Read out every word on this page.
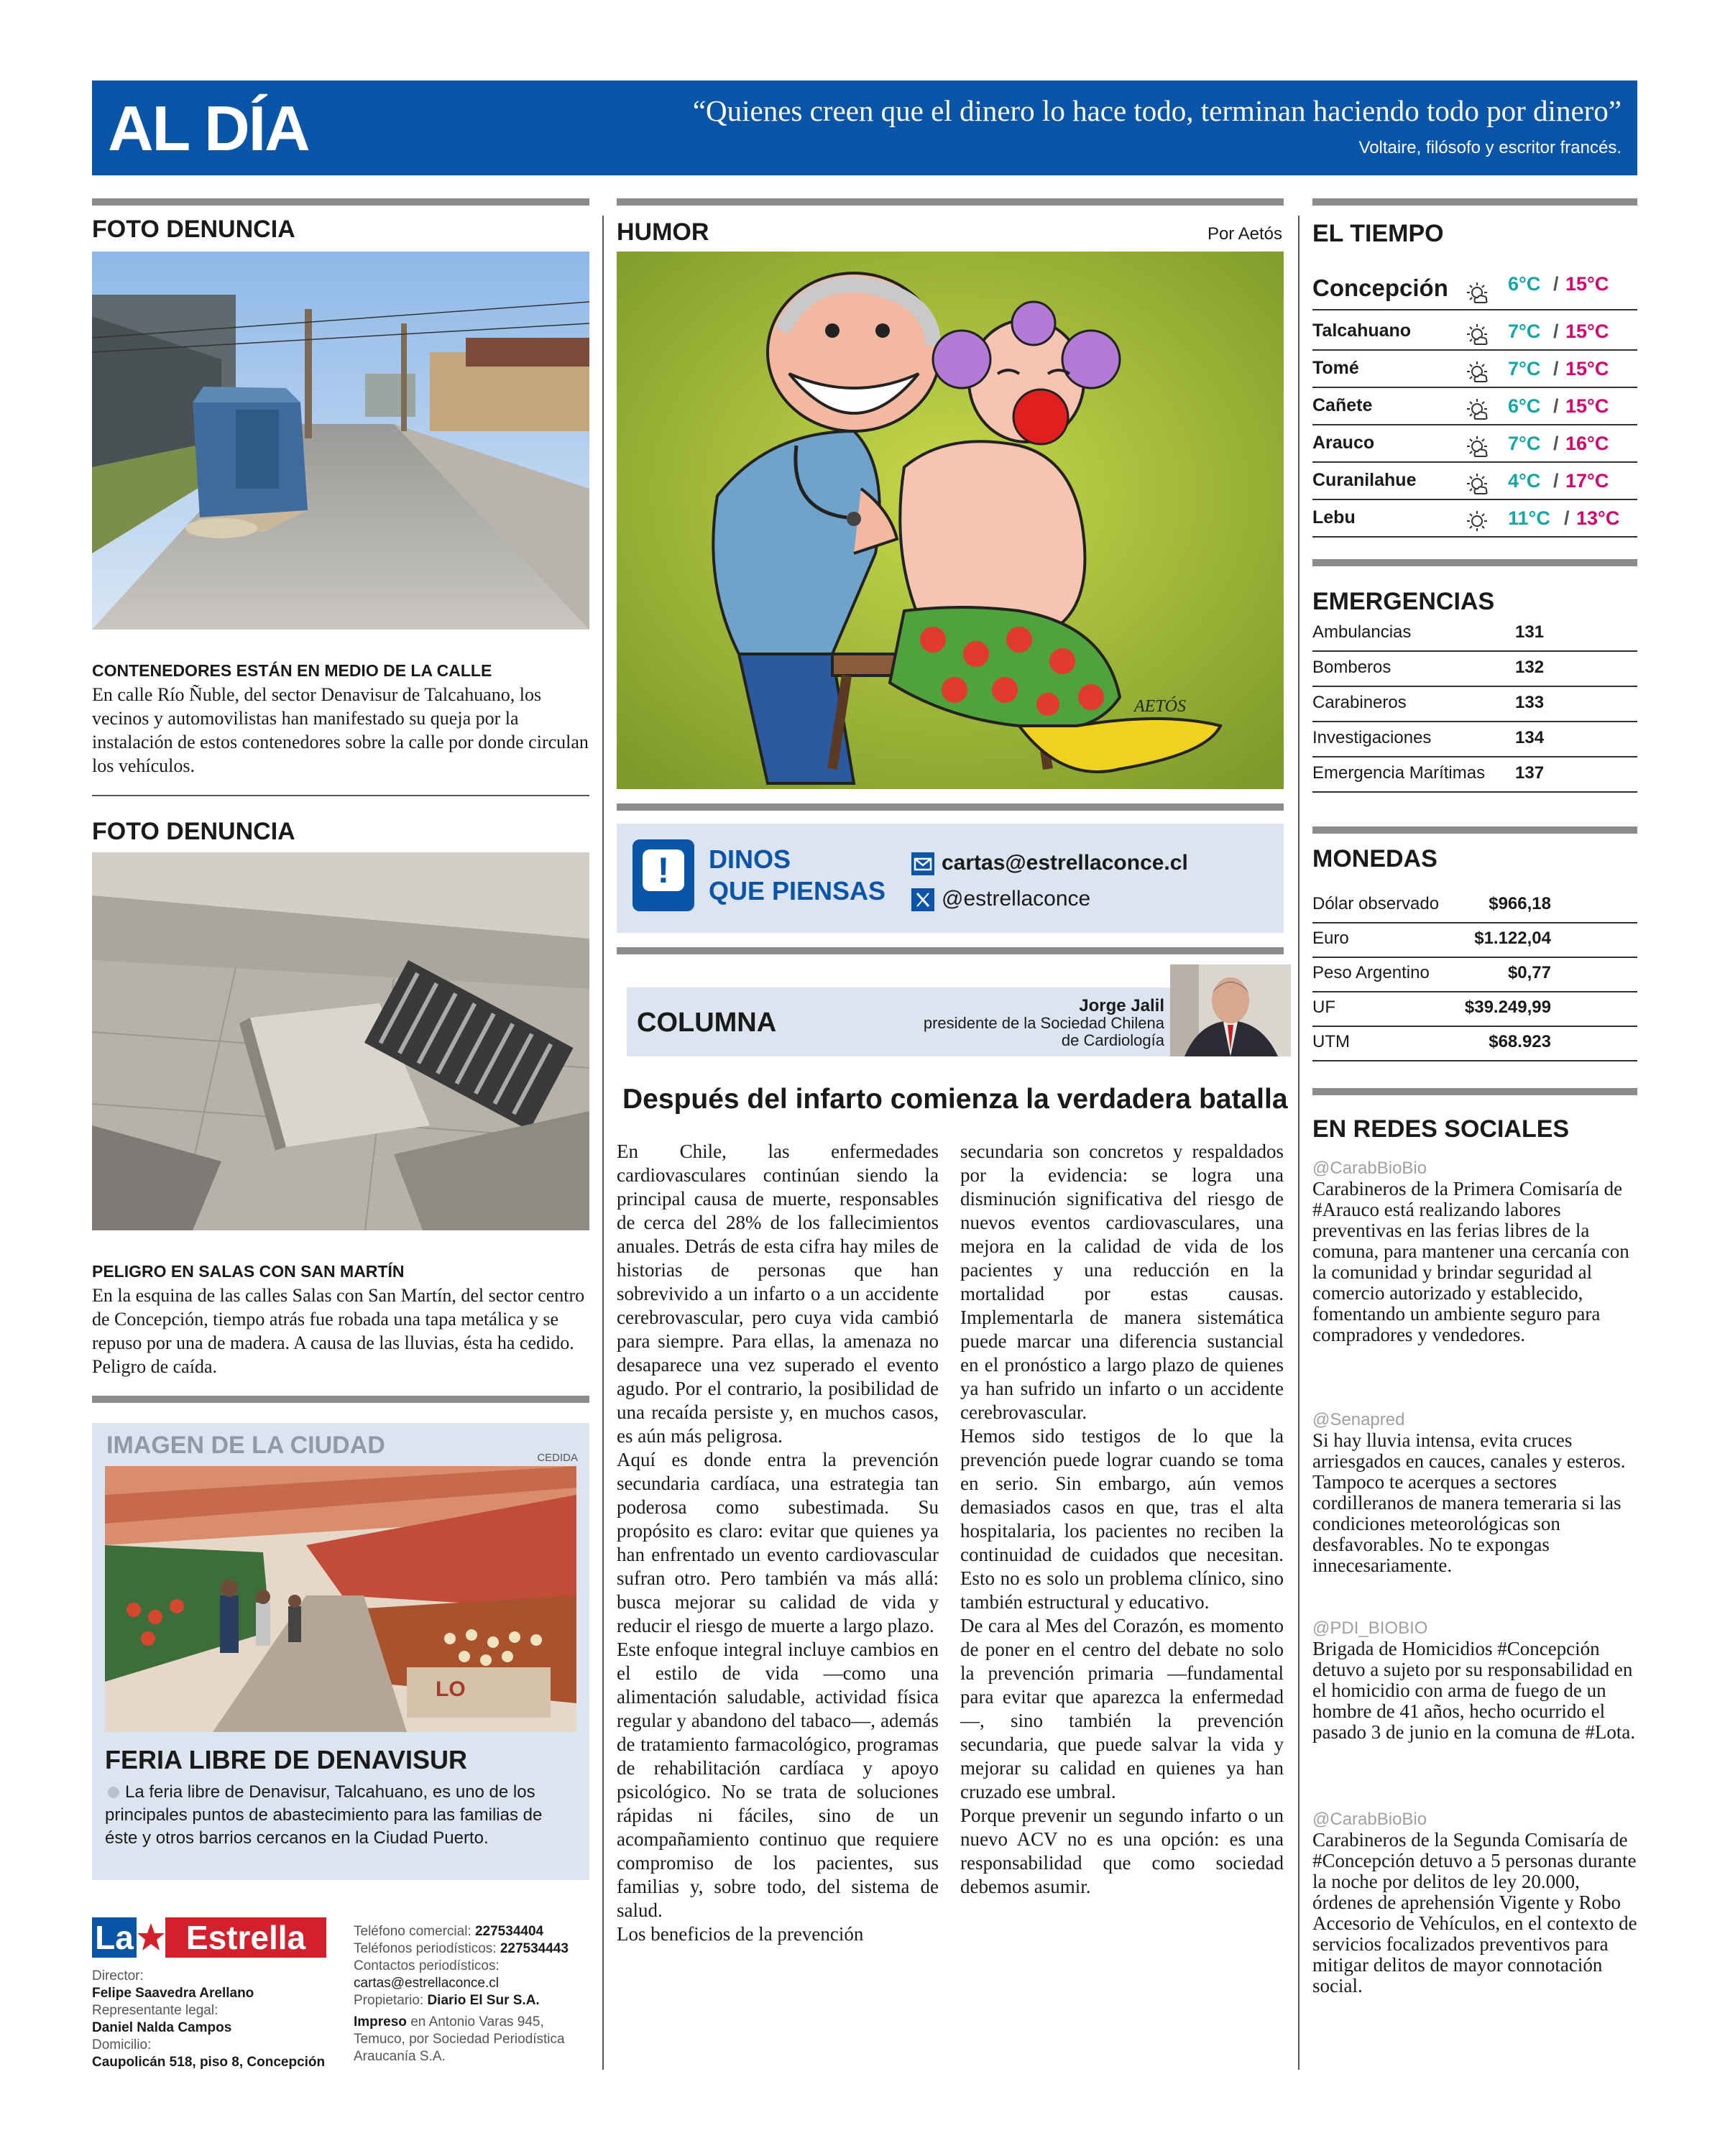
AL DÍA	“Quienes creen que el dinero lo hace todo, terminan haciendo todo por dinero”
Voltaire, filósofo y escritor francés.
FOTO DENUNCIA
CONTENEDORES ESTÁN EN MEDIO DE LA CALLE
En calle Río Ñuble, del sector Denavisur de Talcahuano, los vecinos y automovilistas han manifestado su queja por la instalación de estos contenedores sobre la calle por donde circulan los vehículos.
FOTO DENUNCIA
PELIGRO EN SALAS CON SAN MARTÍN
En la esquina de las calles Salas con San Martín, del sector centro de Concepción, tiempo atrás fue robada una tapa metálica y se repuso por una de madera. A causa de las lluvias, ésta ha cedido. Peligro de caída.
IMAGEN DE LA CIUDAD	CEDIDA
LO
FERIA LIBRE DE DENAVISUR
La feria libre de Denavisur, Talcahuano, es uno de los principales puntos de abastecimiento para las familias de éste y otros barrios cercanos en la Ciudad Puerto.
La	Estrella
Director:
Felipe Saavedra Arellano
Representante legal:
Daniel Nalda Campos
Domicilio:
Caupolicán 518, piso 8, Concepción
Teléfono comercial: 227534404
Teléfonos periodísticos: 227534443
Contactos periodísticos:
cartas@estrellaconce.cl
Propietario: Diario El Sur S.A.
Impreso en Antonio Varas 945, Temuco, por Sociedad Periodística Araucanía S.A.
HUMOR	Por Aetós
AETÓS
!	DINOS
QUE PIENSAS
cartas@estrellaconce.cl
@estrellaconce
COLUMNA
Jorge Jalil
presidente de la Sociedad Chilena
de Cardiología
Después del infarto comienza la verdadera batalla

En Chile, las enfermedades cardiovasculares continúan siendo la principal causa de muerte, responsables de cerca del 28% de los fallecimientos anuales. Detrás de esta cifra hay miles de historias de personas que han sobrevivido a un infarto o a un accidente cerebrovascular, pero cuya vida cambió para siempre. Para ellas, la amenaza no desaparece una vez superado el evento agudo. Por el contrario, la posibilidad de una recaída persiste y, en muchos casos, es aún más peligrosa.

Aquí es donde entra la prevención secundaria cardíaca, una estrategia tan poderosa como subestimada. Su propósito es claro: evitar que quienes ya han enfrentado un evento cardiovascular sufran otro. Pero también va más allá: busca mejorar su calidad de vida y reducir el riesgo de muerte a largo plazo.

Este enfoque integral incluye cambios en el estilo de vida —como una alimentación saludable, actividad física regular y abandono del tabaco—, además de tratamiento farmacológico, programas de rehabilitación cardíaca y apoyo psicológico. No se trata de soluciones rápidas ni fáciles, sino de un acompañamiento continuo que requiere compromiso de los pacientes, sus familias y, sobre todo, del sistema de salud.

Los beneficios de la prevención

secundaria son concretos y respaldados por la evidencia: se logra una disminución significativa del riesgo de nuevos eventos cardiovasculares, una mejora en la calidad de vida de los pacientes y una reducción en la mortalidad por estas causas. Implementarla de manera sistemática puede marcar una diferencia sustancial en el pronóstico a largo plazo de quienes ya han sufrido un infarto o un accidente cerebrovascular.

Hemos sido testigos de lo que la prevención puede lograr cuando se toma en serio. Sin embargo, aún vemos demasiados casos en que, tras el alta hospitalaria, los pacientes no reciben la continuidad de cuidados que necesitan. Esto no es solo un problema clínico, sino también estructural y educativo.

De cara al Mes del Corazón, es momento de poner en el centro del debate no solo la prevención primaria —fundamental para evitar que aparezca la enfermedad—, sino también la prevención secundaria, que puede salvar la vida y mejorar su calidad en quienes ya han cruzado ese umbral.

Porque prevenir un segundo infarto o un nuevo ACV no es una opción: es una responsabilidad que como sociedad debemos asumir.

EL TIEMPO
Concepción	6°C / 15°C
Talcahuano	7°C / 15°C
Tomé	7°C / 15°C
Cañete	6°C / 15°C
Arauco	7°C / 16°C
Curanilahue	4°C / 17°C
Lebu	11°C / 13°C
EMERGENCIAS
Ambulancias	131
Bomberos	132
Carabineros	133
Investigaciones	134
Emergencia Marítimas 137
MONEDAS
Dólar observado	$966,18
Euro	$1.122,04
Peso Argentino	$0,77
UF	$39.249,99
UTM	$68.923
EN REDES SOCIALES
@CarabBioBio
Carabineros de la Primera Comisaría de #Arauco está realizando labores preventivas en las ferias libres de la comuna, para mantener una cercanía con la comunidad y brindar seguridad al comercio autorizado y establecido, fomentando un ambiente seguro para compradores y vendedores.
@Senapred
Si hay lluvia intensa, evita cruces arriesgados en cauces, canales y esteros. Tampoco te acerques a sectores cordilleranos de manera temeraria si las condiciones meteorológicas son desfavorables. No te expongas innecesariamente.
@PDI_BIOBIO
Brigada de Homicidios #Concepción detuvo a sujeto por su responsabilidad en el homicidio con arma de fuego de un hombre de 41 años, hecho ocurrido el pasado 3 de junio en la comuna de #Lota.
@CarabBioBio
Carabineros de la Segunda Comisaría de #Concepción detuvo a 5 personas durante la noche por delitos de ley 20.000, órdenes de aprehensión Vigente y Robo Accesorio de Vehículos, en el contexto de servicios focalizados preventivos para mitigar delitos de mayor connotación social.
